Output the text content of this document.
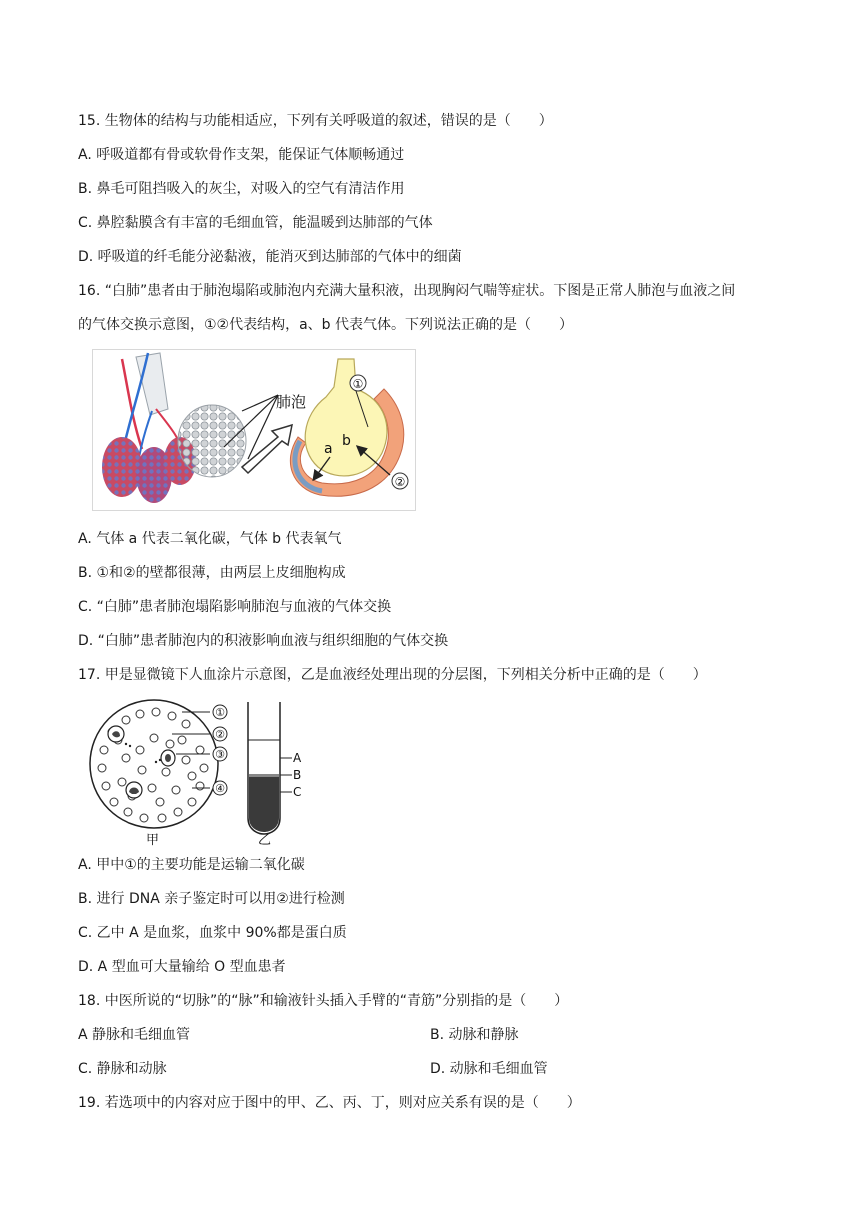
15. 生物体的结构与功能相适应，下列有关呼吸道的叙述，错误的是（　　）
A. 呼吸道都有骨或软骨作支架，能保证气体顺畅通过
B. 鼻毛可阻挡吸入的灰尘，对吸入的空气有清洁作用
C. 鼻腔黏膜含有丰富的毛细血管，能温暖到达肺部的气体
D. 呼吸道的纤毛能分泌黏液，能消灭到达肺部的气体中的细菌
16. “白肺”患者由于肺泡塌陷或肺泡内充满大量积液，出现胸闷气喘等症状。下图是正常人肺泡与血液之间
的气体交换示意图，①②代表结构，a、b 代表气体。下列说法正确的是（　　）
肺泡
①
②
b
a
A. 气体 a 代表二氧化碳，气体 b 代表氧气
B. ①和②的壁都很薄，由两层上皮细胞构成
C. “白肺”患者肺泡塌陷影响肺泡与血液的气体交换
D. “白肺”患者肺泡内的积液影响血液与组织细胞的气体交换
17. 甲是显微镜下人血涂片示意图，乙是血液经处理出现的分层图，下列相关分析中正确的是（　　）
①
②
③
④
甲
A
B
C
乙
A. 甲中①的主要功能是运输二氧化碳
B. 进行 DNA 亲子鉴定时可以用②进行检测
C. 乙中 A 是血浆，血浆中 90%都是蛋白质
D. A 型血可大量输给 O 型血患者
18. 中医所说的“切脉”的“脉”和输液针头插入手臂的“青筋”分别指的是（　　）
A 静脉和毛细血管	B. 动脉和静脉
C. 静脉和动脉	D. 动脉和毛细血管
19. 若选项中的内容对应于图中的甲、乙、丙、丁，则对应关系有误的是（　　）
